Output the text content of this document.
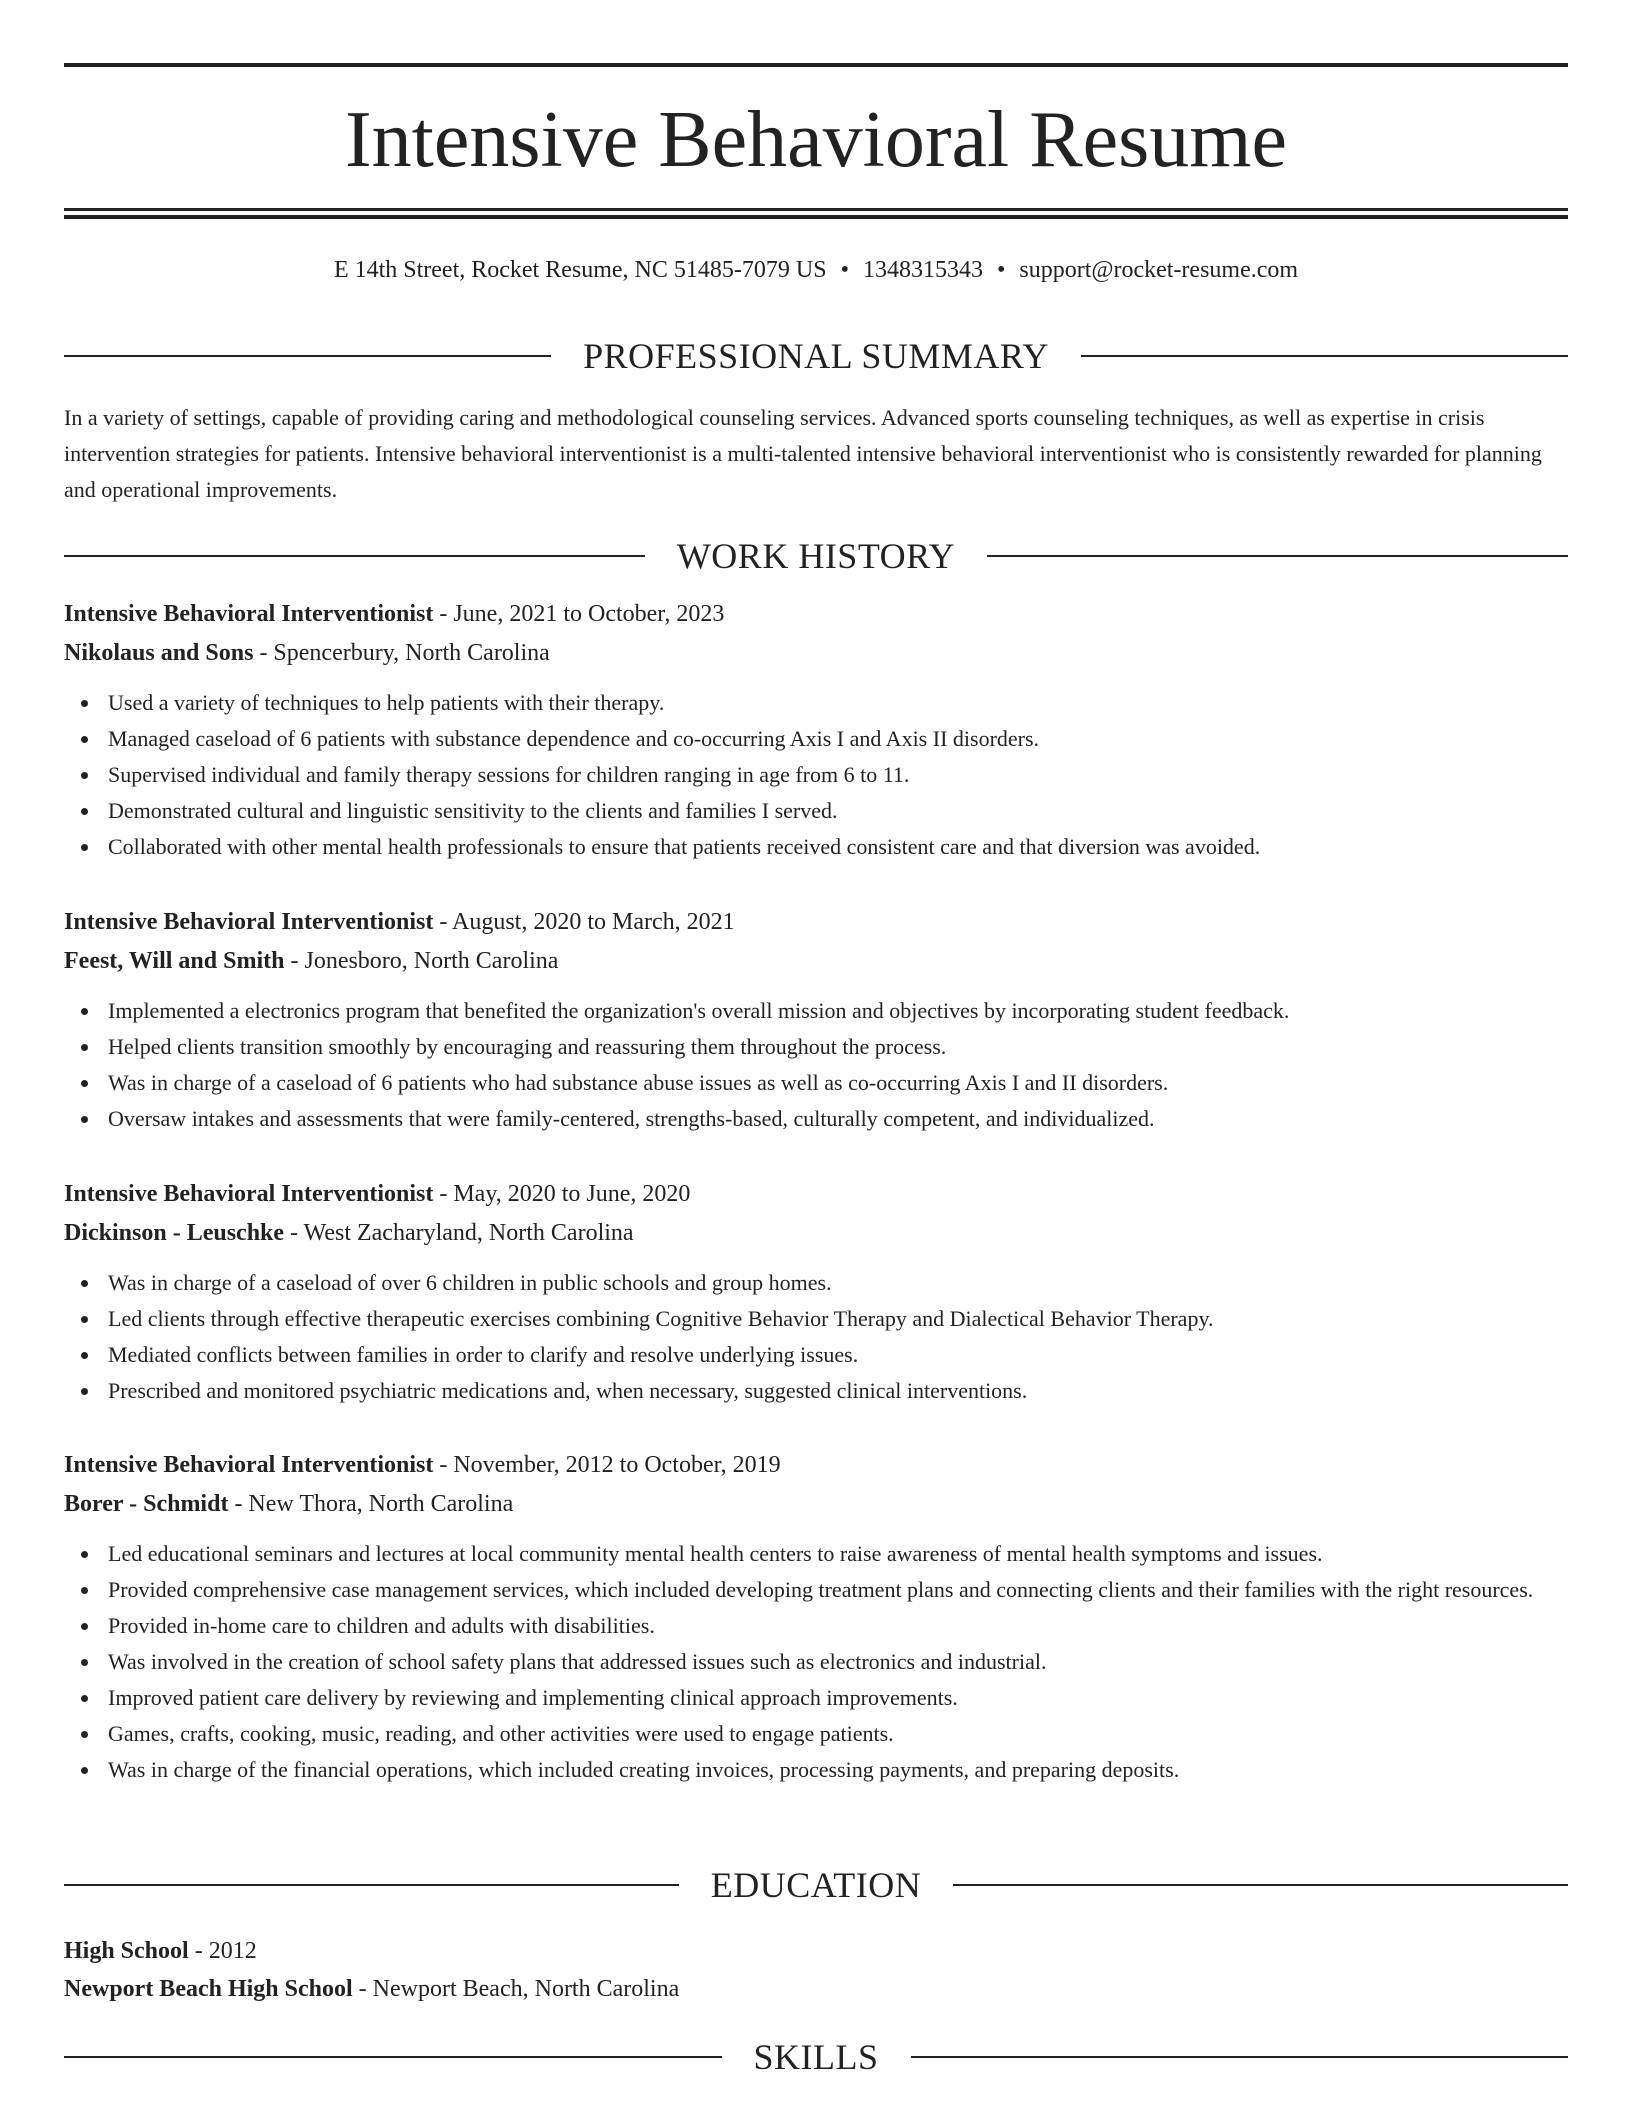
Intensive Behavioral Resume
E 14th Street, Rocket Resume, NC 51485-7079 US • 1348315343 • support@rocket-resume.com
PROFESSIONAL SUMMARY
In a variety of settings, capable of providing caring and methodological counseling services. Advanced sports counseling techniques, as well as expertise in crisis intervention strategies for patients. Intensive behavioral interventionist is a multi-talented intensive behavioral interventionist who is consistently rewarded for planning and operational improvements.
WORK HISTORY
Intensive Behavioral Interventionist - June, 2021 to October, 2023
Nikolaus and Sons - Spencerbury, North Carolina
Used a variety of techniques to help patients with their therapy.
Managed caseload of 6 patients with substance dependence and co-occurring Axis I and Axis II disorders.
Supervised individual and family therapy sessions for children ranging in age from 6 to 11.
Demonstrated cultural and linguistic sensitivity to the clients and families I served.
Collaborated with other mental health professionals to ensure that patients received consistent care and that diversion was avoided.
Intensive Behavioral Interventionist - August, 2020 to March, 2021
Feest, Will and Smith - Jonesboro, North Carolina
Implemented a electronics program that benefited the organization's overall mission and objectives by incorporating student feedback.
Helped clients transition smoothly by encouraging and reassuring them throughout the process.
Was in charge of a caseload of 6 patients who had substance abuse issues as well as co-occurring Axis I and II disorders.
Oversaw intakes and assessments that were family-centered, strengths-based, culturally competent, and individualized.
Intensive Behavioral Interventionist - May, 2020 to June, 2020
Dickinson - Leuschke - West Zacharyland, North Carolina
Was in charge of a caseload of over 6 children in public schools and group homes.
Led clients through effective therapeutic exercises combining Cognitive Behavior Therapy and Dialectical Behavior Therapy.
Mediated conflicts between families in order to clarify and resolve underlying issues.
Prescribed and monitored psychiatric medications and, when necessary, suggested clinical interventions.
Intensive Behavioral Interventionist - November, 2012 to October, 2019
Borer - Schmidt - New Thora, North Carolina
Led educational seminars and lectures at local community mental health centers to raise awareness of mental health symptoms and issues.
Provided comprehensive case management services, which included developing treatment plans and connecting clients and their families with the right resources.
Provided in-home care to children and adults with disabilities.
Was involved in the creation of school safety plans that addressed issues such as electronics and industrial.
Improved patient care delivery by reviewing and implementing clinical approach improvements.
Games, crafts, cooking, music, reading, and other activities were used to engage patients.
Was in charge of the financial operations, which included creating invoices, processing payments, and preparing deposits.
EDUCATION
High School - 2012
Newport Beach High School - Newport Beach, North Carolina
SKILLS
